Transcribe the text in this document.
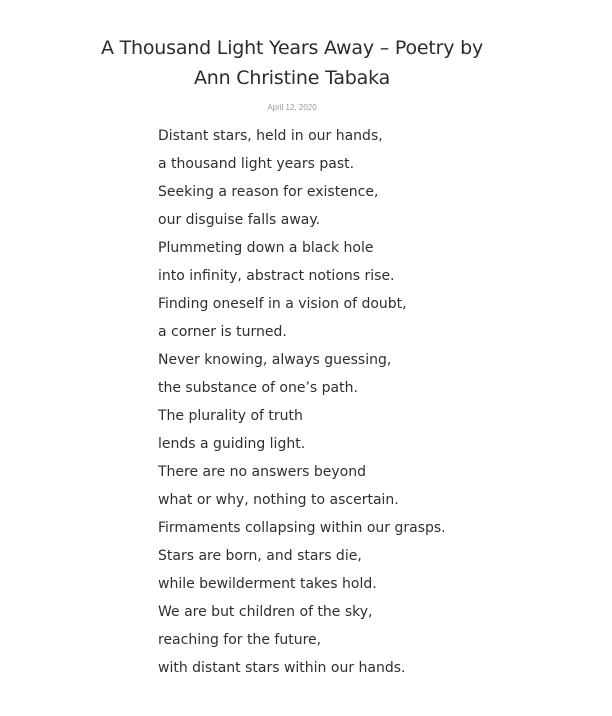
A Thousand Light Years Away – Poetry by Ann Christine Tabaka
April 12, 2020
Distant stars, held in our hands,
a thousand light years past.
Seeking a reason for existence,
our disguise falls away.
Plummeting down a black hole
into infinity, abstract notions rise.
Finding oneself in a vision of doubt,
a corner is turned.
Never knowing, always guessing,
the substance of one’s path.
The plurality of truth
lends a guiding light.
There are no answers beyond
what or why, nothing to ascertain.
Firmaments collapsing within our grasps.
Stars are born, and stars die,
while bewilderment takes hold.
We are but children of the sky,
reaching for the future,
with distant stars within our hands.
